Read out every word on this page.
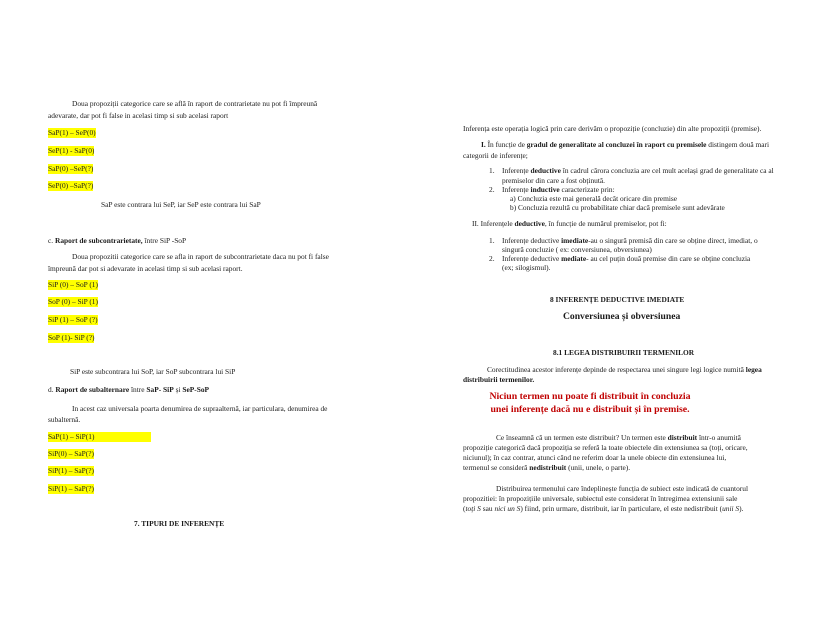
Doua propoziții categorice care se află în raport de contrarietate nu pot fi împreună
adevarate, dar pot fi false in acelasi timp si sub acelasi raport
SaP(1) – SeP(0)
SeP(1) - SaP(0)
SaP(0) –SeP(?)
SeP(0) –SaP(?)
SaP este contrara lui SeP, iar SeP este contrara lui SaP
c. Raport de subcontrarietate, între SiP -SoP
Doua propozitii categorice care se afla in raport de subcontrarietate daca nu pot fi false
împreună dar pot si adevarate in acelasi timp si sub acelasi raport.
SiP (0) – SoP (1)
SoP (0) – SiP (1)
SiP (1) – SoP (?)
SoP (1)- SiP (?)
SiP este subcontrara lui SoP, iar SoP subcontrara lui SiP
d. Raport de subalternare între SaP- SiP și SeP-SoP
In acest caz universala poarta denumirea de supraalternă, iar particulara, denumirea de
subalternă.
SaP(1) – SiP(1)
SiP(0) – SaP(?)
SiP(1) – SaP(?)
SiP(1) – SaP(?)
7. TIPURI DE INFERENȚE
Inferența este operația logică prin care derivăm o propoziție (concluzie) din alte propoziții (premise).
I. În funcție de gradul de generalitate al concluzei în raport cu premisele distingem două mari
categorii de inferențe;
1. Inferențe deductive în cadrul cărora concluzia are cel mult același grad de generalitate ca al
premiselor din care a fost obținută.
2. Inferențe inductive caracterizate prin:
a) Concluzia este mai generală decât oricare din premise
b) Concluzia rezultă cu probabilitate chiar dacă premisele sunt adevărate
II. Inferențele deductive, în funcție de numărul premiselor, pot fi:
1. Inferențe deductive imediate-au o singură premisă din care se obține direct, imediat, o
singură concluzie ( ex: conversiunea, obversiunea)
2. Inferențe deductive mediate- au cel puțin două premise din care se obține concluzia
(ex; silogismul).
8 INFERENȚE DEDUCTIVE IMEDIATE
Conversiunea și obversiunea
8.1 LEGEA DISTRIBUIRII TERMENILOR
Corectitudinea acestor inferențe depinde de respectarea unei singure legi logice numită legea
distribuirii termenilor.
Niciun termen nu poate fi distribuit în concluzia
unei inferențe dacă nu e distribuit și în premise.
Ce înseamnă că un termen este distribuit? Un termen este distribuit într-o anumită
propoziție categorică dacă propoziția se referă la toate obiectele din extensiunea sa (toți, oricare,
niciunul); în caz contrar, atunci când ne referim doar la unele obiecte din extensiunea lui,
termenul se consideră nedistribuit (unii, unele, o parte).
Distribuirea termenului care îndeplinește funcția de subiect este indicată de cuantorul
propozitiei: în propozițiile universale, subiectul este considerat în întregimea extensiunii sale
(toți S sau nici un S) fiind, prin urmare, distribuit, iar în particulare, el este nedistribuit (unii S).
